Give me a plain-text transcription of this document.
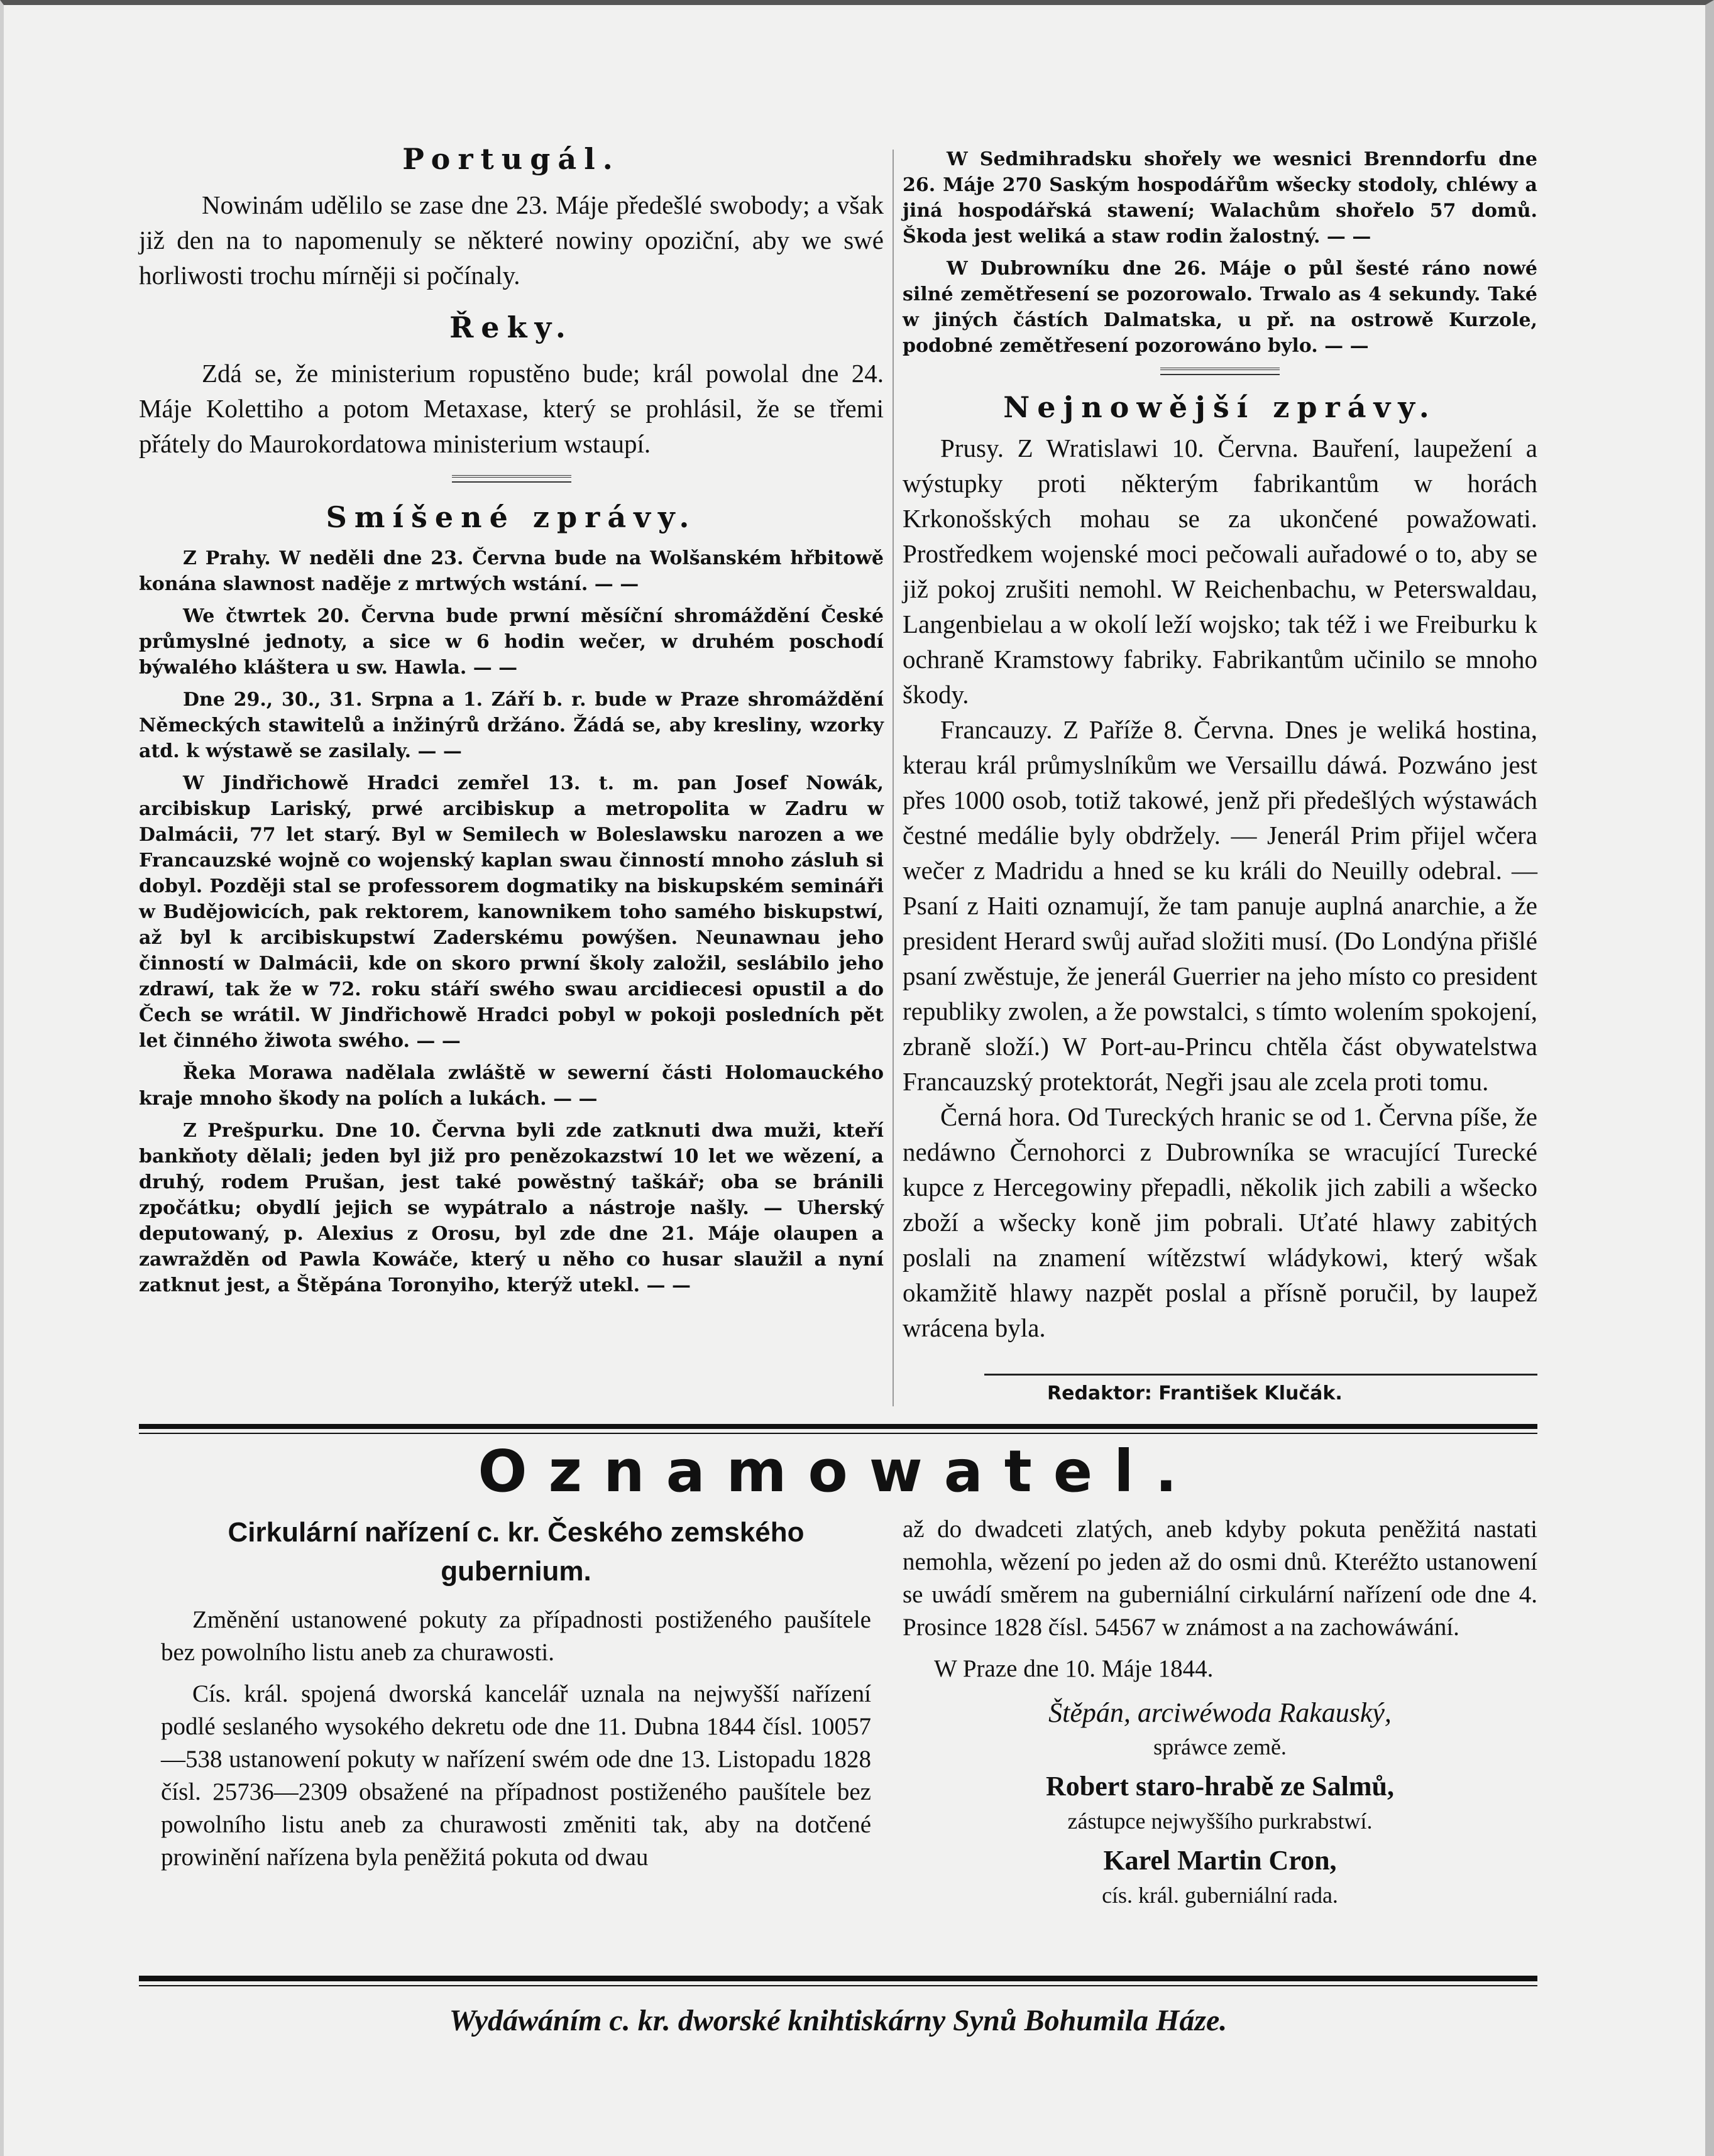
Portugál.

Nowinám udělilo se zase dne 23. Máje předešlé swobody; a však již den na to napomenuly se některé nowiny opoziční, aby we swé horliwosti trochu mírněji si počínaly.

Řeky.

Zdá se, že ministerium ropustěno bude; král powolal dne 24. Máje Kolettiho a potom Metaxase, který se prohlásil, že se třemi přátely do Maurokordatowa ministerium wstaupí.

Smíšené zprávy.

Z Prahy. W neděli dne 23. Června bude na Wolšanském hřbitowě konána slawnost naděje z mrtwých wstání. — —

We čtwrtek 20. Června bude prwní měsíční shromáždění České průmyslné jednoty, a sice w 6 hodin wečer, w druhém poschodí býwalého kláštera u sw. Hawla. — —

Dne 29., 30., 31. Srpna a 1. Září b. r. bude w Praze shromáždění Německých stawitelů a inžinýrů držáno. Žádá se, aby kresliny, wzorky atd. k wýstawě se zasilaly. — —

W Jindřichowě Hradci zemřel 13. t. m. pan Josef Nowák, arcibiskup Lariský, prwé arcibiskup a metropolita w Zadru w Dalmácii, 77 let starý. Byl w Semilech w Boleslawsku narozen a we Francauzské wojně co wojenský kaplan swau činností mnoho zásluh si dobyl. Později stal se professorem dogmatiky na biskupském semináři w Budějowicích, pak rektorem, kanownikem toho samého biskupstwí, až byl k arcibiskupstwí Zaderskému powýšen. Neunawnau jeho činností w Dalmácii, kde on skoro prwní školy založil, seslábilo jeho zdrawí, tak že w 72. roku stáří swého swau arcidiecesi opustil a do Čech se wrátil. W Jindřichowě Hradci pobyl w pokoji posledních pět let činného žiwota swého. — —

Řeka Morawa nadělala zwláště w sewerní části Holomauckého kraje mnoho škody na polích a lukách. — —

Z Prešpurku. Dne 10. Června byli zde zatknuti dwa muži, kteří bankňoty dělali; jeden byl již pro penězokazstwí 10 let we wězení, a druhý, rodem Prušan, jest také powěstný taškář; oba se bránili zpočátku; obydlí jejich se wypátralo a nástroje našly. — Uherský deputowaný, p. Alexius z Orosu, byl zde dne 21. Máje olaupen a zawražděn od Pawla Kowáče, který u něho co husar slaužil a nyní zatknut jest, a Štěpána Toronyiho, kterýž utekl. — —

W Sedmihradsku shořely we wesnici Brenndorfu dne 26. Máje 270 Saským hospodářům wšecky stodoly, chléwy a jiná hospodářská stawení; Walachům shořelo 57 domů. Škoda jest weliká a staw rodin žalostný. — —

W Dubrowníku dne 26. Máje o půl šesté ráno nowé silné zemětřesení se pozorowalo. Trwalo as 4 sekundy. Také w jiných částích Dalmatska, u př. na ostrowě Kurzole, podobné zemětřesení pozorowáno bylo. — —

Nejnowější zprávy.

Prusy. Z Wratislawi 10. Června. Bauření, laupežení a wýstupky proti některým fabrikantům w horách Krkonošských mohau se za ukončené powažowati. Prostředkem wojenské moci pečowali auřadowé o to, aby se již pokoj zrušiti nemohl. W Reichenbachu, w Peterswaldau, Langenbielau a w okolí leží wojsko; tak též i we Freiburku k ochraně Kramstowy fabriky. Fabrikantům učinilo se mnoho škody.

Francauzy. Z Paříže 8. Června. Dnes je weliká hostina, kterau král průmyslníkům we Versaillu dáwá. Pozwáno jest přes 1000 osob, totiž takowé, jenž při předešlých wýstawách čestné medálie byly obdržely. — Jenerál Prim přijel wčera wečer z Madridu a hned se ku králi do Neuilly odebral. — Psaní z Haiti oznamují, že tam panuje auplná anarchie, a že president Herard swůj auřad složiti musí. (Do Londýna přišlé psaní zwěstuje, že jenerál Guerrier na jeho místo co president republiky zwolen, a že powstalci, s tímto wolením spokojení, zbraně složí.) W Port-au-Princu chtěla část obywatelstwa Francauzský protektorát, Negři jsau ale zcela proti tomu.

Černá hora. Od Tureckých hranic se od 1. Června píše, že nedáwno Černohorci z Dubrowníka se wracující Turecké kupce z Hercegowiny přepadli, několik jich zabili a wšecko zboží a wšecky koně jim pobrali. Uťaté hlawy zabitých poslali na znamení wítězstwí wládykowi, který wšak okamžitě hlawy nazpět poslal a přísně poručil, by laupež wrácena byla.

Redaktor: František Klučák.
Oznamowatel.

Cirkulární nařízení c. kr. Českého zemského gubernium.

Změnění ustanowené pokuty za případnosti postiženého paušítele bez powolního listu aneb za churawosti.

Cís. král. spojená dworská kancelář uznala na nejwyšší nařízení podlé seslaného wysokého dekretu ode dne 11. Dubna 1844 čísl. 10057—538 ustanowení pokuty w nařízení swém ode dne 13. Listopadu 1828 čísl. 25736—2309 obsažené na případnost postiženého paušítele bez powolního listu aneb za churawosti změniti tak, aby na dotčené prowinění nařízena byla peněžitá pokuta od dwau

až do dwadceti zlatých, aneb kdyby pokuta peněžitá nastati nemohla, wězení po jeden až do osmi dnů. Kteréžto ustanowení se uwádí směrem na guberniální cirkulární nařízení ode dne 4. Prosince 1828 čísl. 54567 w známost a na zachowáwání.

W Praze dne 10. Máje 1844.

Štěpán, arciwéwoda Rakauský,

spráwce země.

Robert staro-hrabě ze Salmů,

zástupce nejwyššího purkrabstwí.

Karel Martin Cron,

cís. král. guberniální rada.

Wydáwáním c. kr. dworské knihtiskárny Synů Bohumila Háze.
